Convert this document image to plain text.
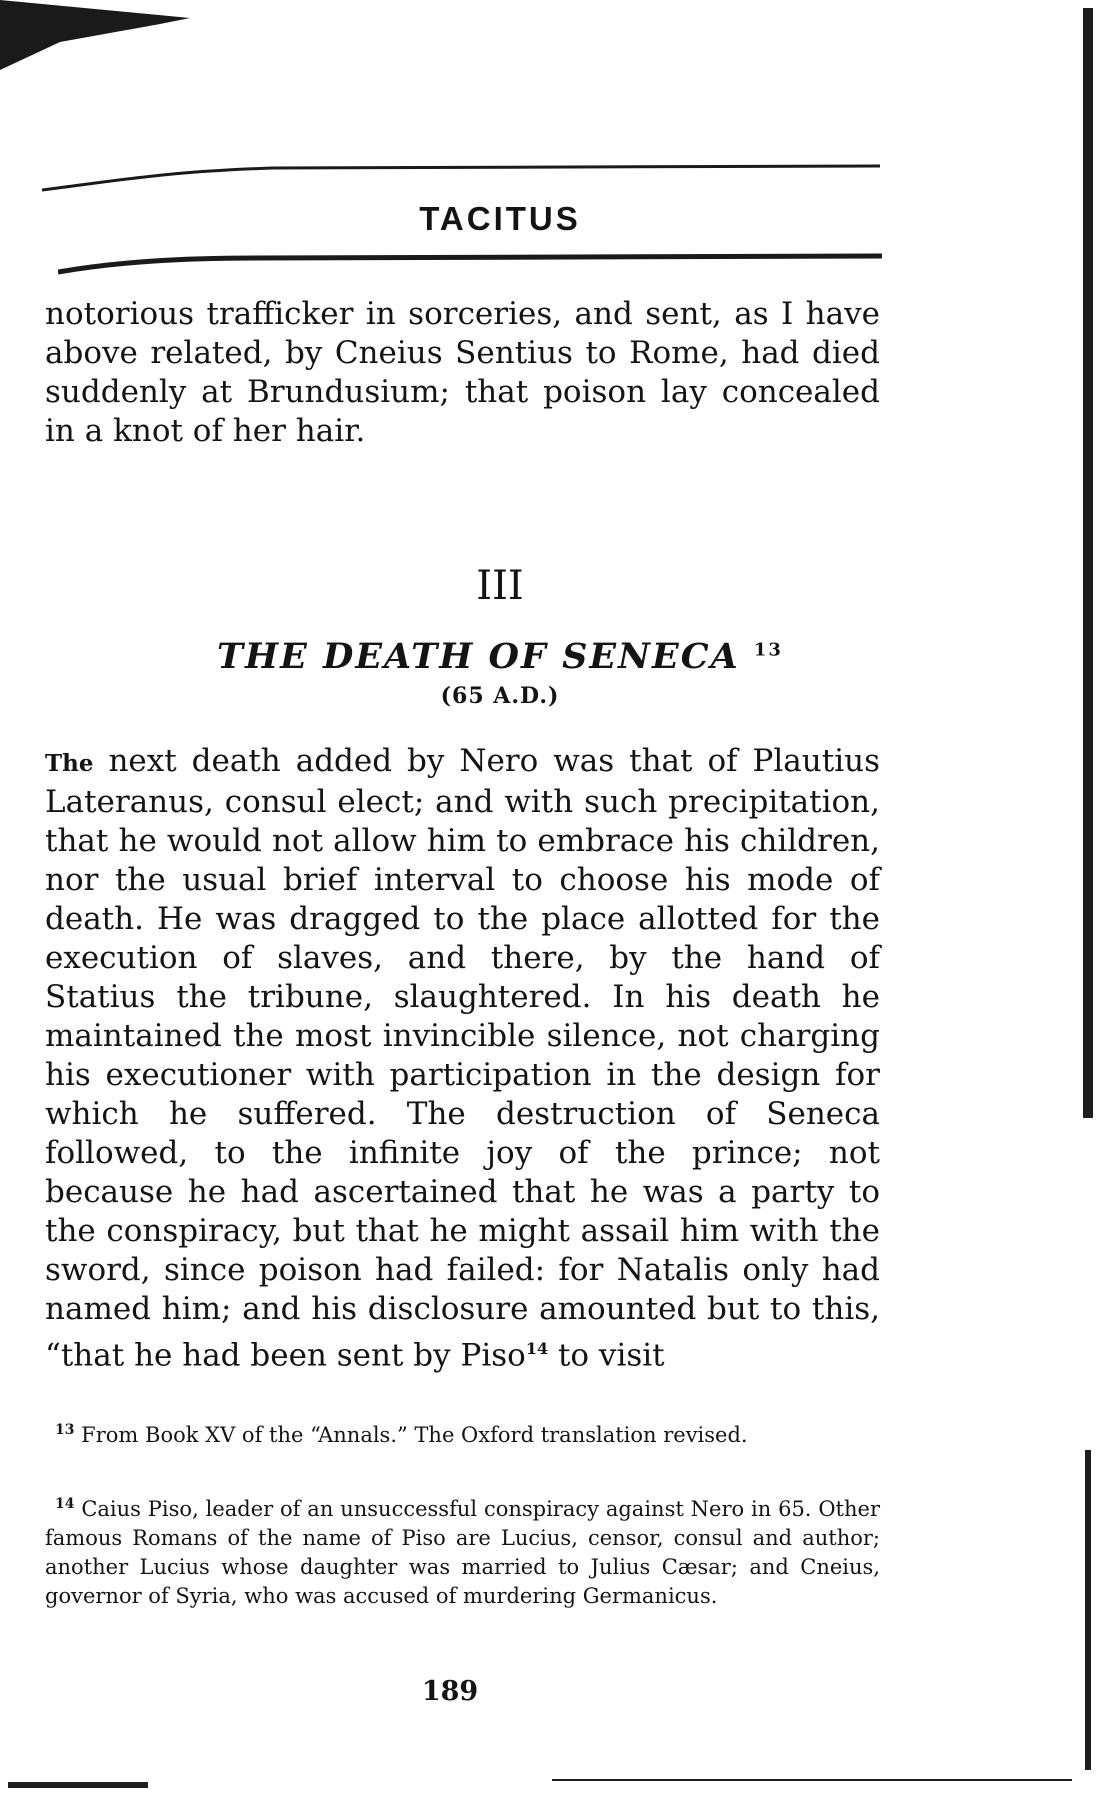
TACITUS

notorious trafficker in sorceries, and sent, as I have above related, by Cneius Sentius to Rome, had died suddenly at Brundusium; that poison lay concealed in a knot of her hair.

III
THE DEATH OF SENECA $^{13}$
(65 A.D.)

The next death added by Nero was that of Plautius Lateranus, consul elect; and with such precipitation, that he would not allow him to embrace his children, nor the usual brief interval to choose his mode of death. He was dragged to the place allotted for the execution of slaves, and there, by the hand of Statius the tribune, slaughtered. In his death he maintained the most invincible silence, not charging his executioner with participation in the design for which he suffered. The destruction of Seneca followed, to the infinite joy of the prince; not because he had ascertained that he was a party to the conspiracy, but that he might assail him with the sword, since poison had failed: for Natalis only had named him; and his disclosure amounted but to this, “that he had been sent by Piso$^{14}$ to visit

$^{13}$ From Book XV of the “Annals.” The Oxford translation revised.

$^{14}$ Caius Piso, leader of an unsuccessful conspiracy against Nero in 65. Other famous Romans of the name of Piso are Lucius, censor, consul and author; another Lucius whose daughter was married to Julius Cæsar; and Cneius, governor of Syria, who was accused of murdering Germanicus.

189
